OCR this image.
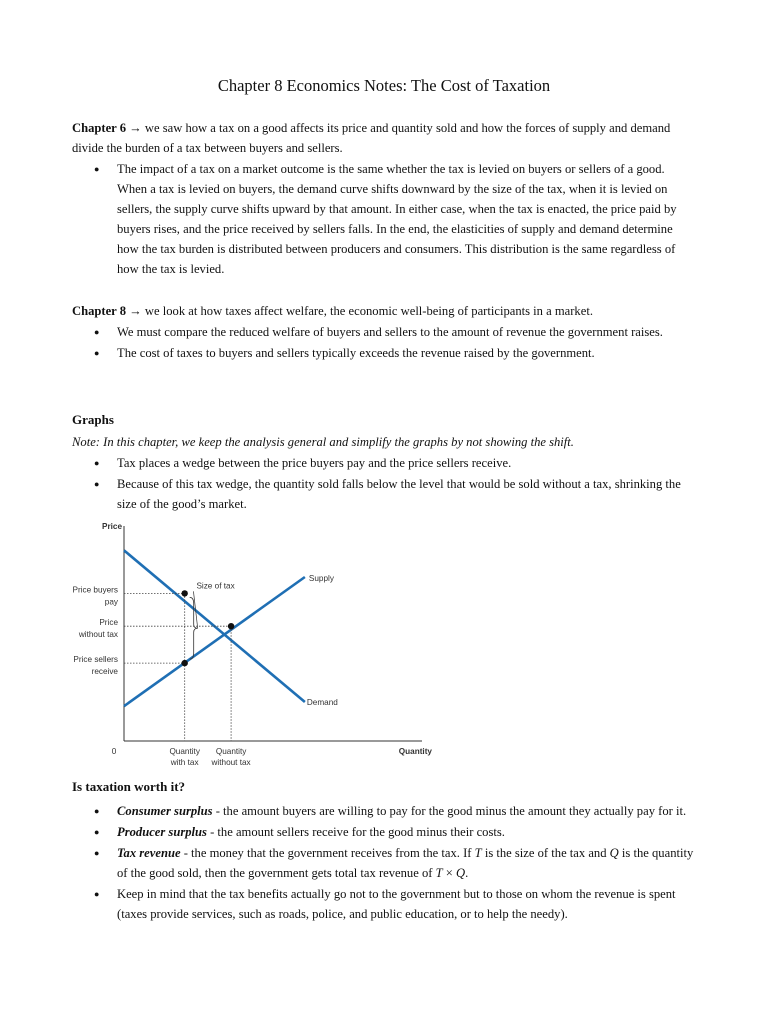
Chapter 8 Economics Notes: The Cost of Taxation

Chapter 6 → we saw how a tax on a good affects its price and quantity sold and how the forces of supply and demand divide the burden of a tax between buyers and sellers.

● The impact of a tax on a market outcome is the same whether the tax is levied on buyers or sellers of a good. When a tax is levied on buyers, the demand curve shifts downward by the size of the tax, when it is levied on sellers, the supply curve shifts upward by that amount. In either case, when the tax is enacted, the price paid by buyers rises, and the price received by sellers falls. In the end, the elasticities of supply and demand determine how the tax burden is distributed between producers and consumers. This distribution is the same regardless of how the tax is levied.

Chapter 8 → we look at how taxes affect welfare, the economic well-being of participants in a market.

● We must compare the reduced welfare of buyers and sellers to the amount of revenue the government raises.
● The cost of taxes to buyers and sellers typically exceeds the revenue raised by the government.

Graphs

Note: In this chapter, we keep the analysis general and simplify the graphs by not showing the shift.

● Tax places a wedge between the price buyers pay and the price sellers receive.
● Because of this tax wedge, the quantity sold falls below the level that would be sold without a tax, shrinking the size of the good’s market.
Price
Quantity
0
Supply
Demand
Size of tax
Price buyers
pay
Price
without tax
Price sellers
receive
Quantity
with tax
Quantity
without tax

Is taxation worth it?

● Consumer surplus - the amount buyers are willing to pay for the good minus the amount they actually pay for it.
● Producer surplus - the amount sellers receive for the good minus their costs.
● Tax revenue - the money that the government receives from the tax. If T is the size of the tax and Q is the quantity of the good sold, then the government gets total tax revenue of T × Q.
● Keep in mind that the tax benefits actually go not to the government but to those on whom the revenue is spent (taxes provide services, such as roads, police, and public education, or to help the needy).
